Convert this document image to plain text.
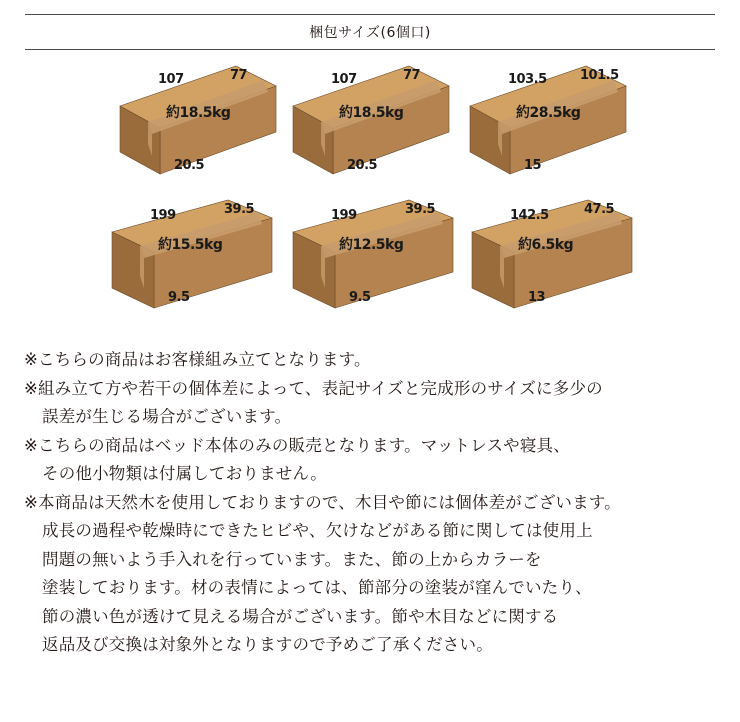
梱包サイズ(6個口)
107	77
約18.5kg
20.5
107	77
約18.5kg
20.5
103.5	101.5
約28.5kg
15
199	39.5
約15.5kg
9.5
199	39.5
約12.5kg
9.5
142.5	47.5
約6.5kg
13
※こちらの商品はお客様組み立てとなります。
※組み立て方や若干の個体差によって、表記サイズと完成形のサイズに多少の
誤差が生じる場合がございます。
※こちらの商品はベッド本体のみの販売となります。マットレスや寝具、
その他小物類は付属しておりません。
※本商品は天然木を使用しておりますので、木目や節には個体差がございます。
成長の過程や乾燥時にできたヒビや、欠けなどがある節に関しては使用上
問題の無いよう手入れを行っています。また、節の上からカラーを
塗装しております。材の表情によっては、節部分の塗装が窪んでいたり、
節の濃い色が透けて見える場合がございます。節や木目などに関する
返品及び交換は対象外となりますので予めご了承ください。
